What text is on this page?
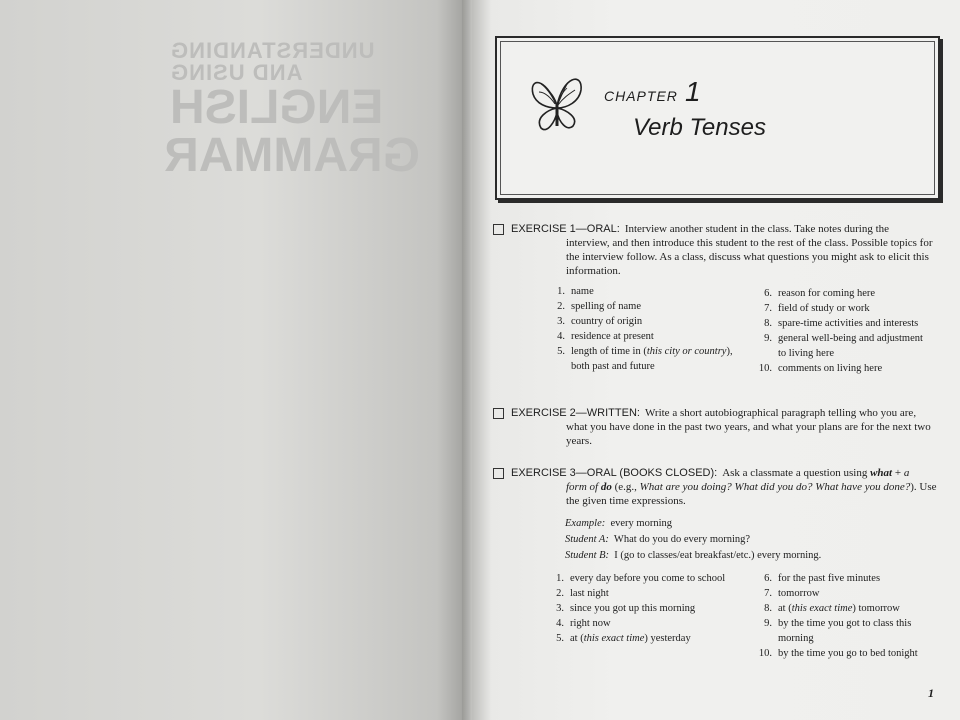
UNDERSTANDING AND USING
ENGLISH
GRAMMAR
CHAPTER 1
Verb Tenses
EXERCISE 1—ORAL: Interview another student in the class. Take notes during the
interview, and then introduce this student to the rest of the class. Possible topics for the interview follow. As a class, discuss what questions you might ask to elicit this information.
1. name
2. spelling of name
3. country of origin
4. residence at present
5. length of time in (this city or country), both past and future
6. reason for coming here
7. field of study or work
8. spare-time activities and interests
9. general well-being and adjustment to living here
10. comments on living here
EXERCISE 2—WRITTEN: Write a short autobiographical paragraph telling who you are,
what you have done in the past two years, and what your plans are for the next two years.
EXERCISE 3—ORAL (BOOKS CLOSED): Ask a classmate a question using what + a
form of do (e.g., What are you doing? What did you do? What have you done?). Use the given time expressions.
Example: every morning
Student A: What do you do every morning?
Student B: I (go to classes/eat breakfast/etc.) every morning.
1. every day before you come to school
2. last night
3. since you got up this morning
4. right now
5. at (this exact time) yesterday
6. for the past five minutes
7. tomorrow
8. at (this exact time) tomorrow
9. by the time you got to class this morning
10. by the time you go to bed tonight
1
